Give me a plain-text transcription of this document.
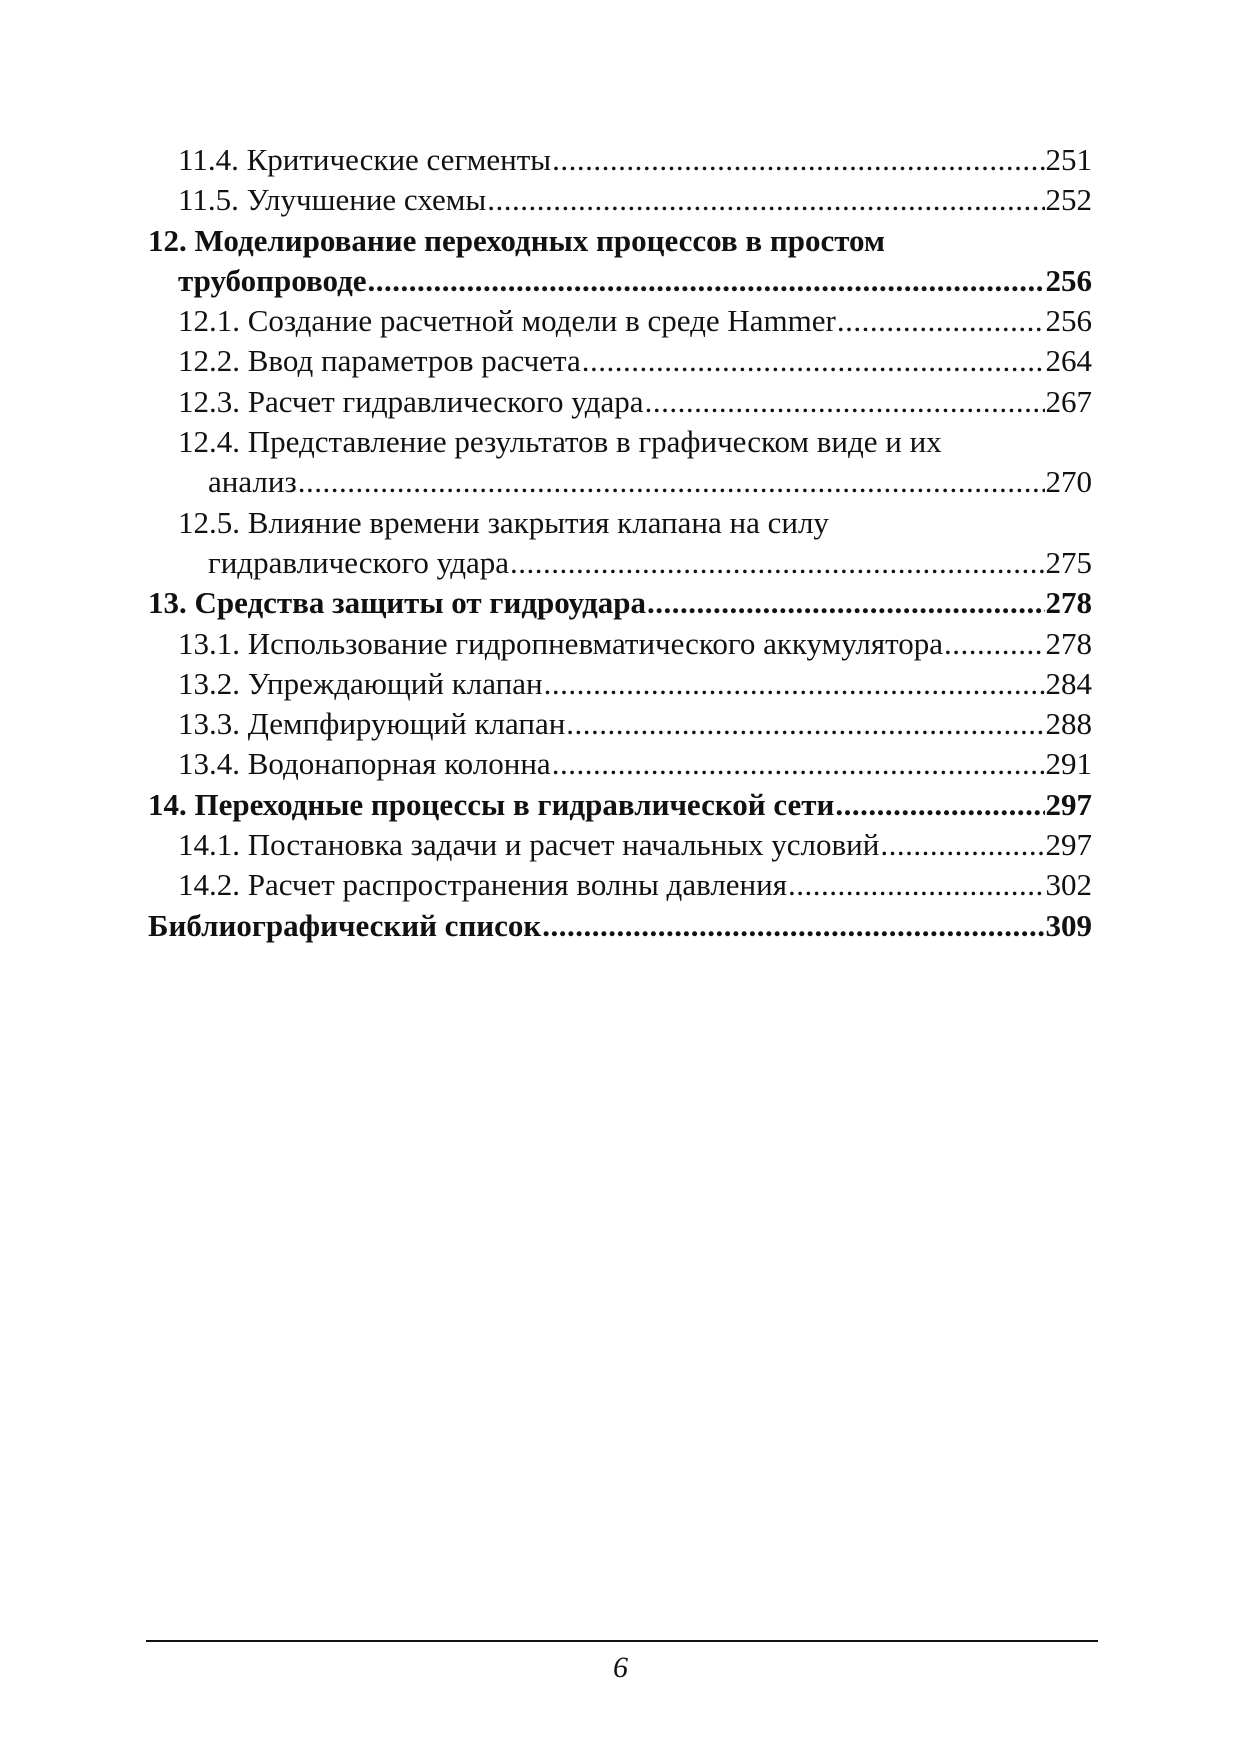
11.4. Критические сегменты .....	251
11.5. Улучшение схемы .....	252
12. Моделирование переходных процессов в простом
трубопроводе .....	256
12.1. Создание расчетной модели в среде Hammer .....	256
12.2. Ввод параметров расчета .....	264
12.3. Расчет гидравлического удара .....	267
12.4. Представление результатов в графическом виде и их
анализ .....	270
12.5. Влияние времени закрытия клапана на силу
гидравлического удара .....	275
13. Средства защиты от гидроудара .....	278
13.1. Использование гидропневматического аккумулятора .....	278
13.2. Упреждающий клапан .....	284
13.3. Демпфирующий клапан .....	288
13.4. Водонапорная колонна .....	291
14. Переходные процессы в гидравлической сети .....	297
14.1. Постановка задачи и расчет начальных условий .....	297
14.2. Расчет распространения волны давления .....	302
Библиографический список .....	309
6
